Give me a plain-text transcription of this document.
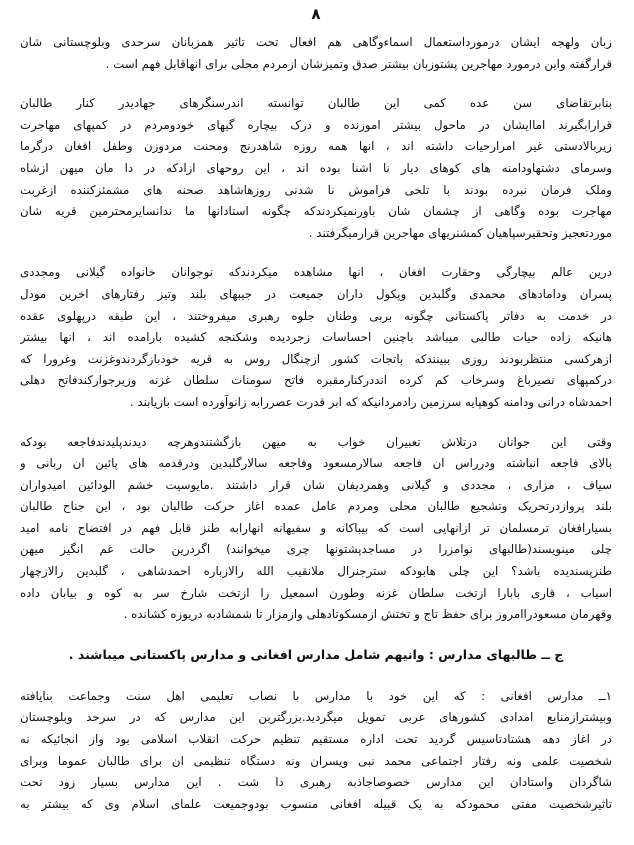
٨
زبان ولهجه ایشان درمورداستعمال اسماءوگاهی هم افعال تحت تاثیر همزبانان سرحدی وبلوچستانی شان
قرارگفته واین درمورد مهاجرین پشتوزبان بیشتر صدق وتمیزشان ازمردم محلی برای انهاقابل فهم است .
بنابرتقاضای سن عده کمی این طالبان توانسته اندرسنگرهای جهادیدر کنار طالبان
قرارابگیرند اماایشان در ماحول بیشتر اموزنده و درک بیچاره گیهای خودومردم در کمپهای مهاجرت
زیربالادستی غیر امرارحیات داشته اند ، انها همه روزه شاهدرنج ومحنت مردوزن وطفل افغان درگرما
وسرمای دشتهاودامنه های کوهای دیار نا اشنا بوده اند ، این روحهای ازادکه در دا مان میهن ازشاه
وملک فرمان نبرده بودند با تلخی فراموش نا شدنی روزهاشاهد صحنه های مشمئزکننده ازغربت
مهاجرت بوده وگاهی از چشمان شان باورنمیکردندکه چگونه استادانها ما ندانسایرمحترمین قریه شان
موردتعجیز وتحقیرسپاهیان کمشنریهای مهاجرین قرارمیگرفتند .
درین عالم بیچارگی وحقارت افغان ، انها مشاهده میکردندکه نوجوانان خانواده گیلانی ومجددی
پسران ودامادهای محمدی وگلبدین وپکول داران جمیعت در جیبهای بلند وتیز رفتارهای اخرین مودل
در خدمت به دفاتر پاکستانی چگونه بربی وطنان جلوه رهبری میفروختند ، این طبقه درپهلوی عقده
هانیکه زاده حیات طالبی میباشد باچنین احساسات زجردیده وشکنجه کشیده بارامده اند ، انها بیشتر
ازهرکسی منتظربودند روزی ببینندکه باتجات کشور ازچنگال روس به قریه خودبازگردندوغزنت وغرورا که
درکمپهای نصیرباغ وسرخاب کم کرده انددرکنارمقبره فاتح سومنات سلطان غزنه وزیرجوارکندفاتح دهلی
احمدشاه درانی ودامنه کوهپایه سرزمین رادمردانیکه که ابر قدرت عصررابه زانوآورده است بازیابند .
وقتی این جوانان درتلاش تعبیران خواب به میهن بازگشتندوهرچه دیدندپلیدندفاجعه بودکه
بالای فاجعه انباشته ودرراس ان فاجعه سالارمسعود وفاجعه سالارگلبدین ودرقدمه های پائین ان ربانی و
سیاف ، مزاری ، مجددی و گیلانی وهمردیفان شان قرار داشتند .مایوسیت خشم الودائین امیدواران
بلند پروازدرتحریک وتشجیع طالبان محلی ومردم عامل عمده اغاز حرکت طالبان بود ، این جناح طالبان
بسیارافغان ترمسلمان تر ازانهایی است که بیباکانه و سفیهانه انهارابه طنز قابل فهم در افتضاح نامه امید
چلی مینویسند(طالبهای نوامزرا در مساجدپشتونها چری میخوانند) اگردرین حالت غم انگیز میهن
طنزپسندیده باشد؟ این چلی هابودکه سترجنرال ملانقیب الله رالازباره احمدشاهی ، گلبدین رالازچهار
اسیاب ، قاری بابارا ازتخت سلطان غزنه وطورن اسمعیل را ازتخت شارخ سر به کوه و بیابان داده
وقهرمان مسعودراامروز برای حفظ تاج و تختش ازمسکوتادهلی وازمزار تا شمشادبه دریوزه کشانده .
ج ــ طالبهای مدارس : وانیهم شامل مدارس افغانی و مدارس پاکستانی میباشند .
۱ــ مدارس افغانی : که این خود با مدارس با نصاب تعلیمی اهل سنت وجماعت بنایافته
وبیشترازمنابع امدادی کشورهای عربی تمویل میگردید.بزرگترین این مدارس که در سرحد وبلوچستان
در اغاز دهه هشتادتاسیس گردید تحت اداره مستقیم تنظیم حرکت انقلاب اسلامی بود واز انجائیکه نه
شخصیت علمی ونه رفتار اجتماعی محمد نبی ویسران ونه دستگاه تنظیمی ان برای طالبان عموما وبرای
شاگردان واستادان این مدارس خصوصاجاذبه رهبری دا شت . این مدارس بسیار زود تحت
تاثیرشخصیت مفتی محمودکه به یک قبیله افغانی منسوب بودوجمیعت علمای اسلام وی که بیشتر به
